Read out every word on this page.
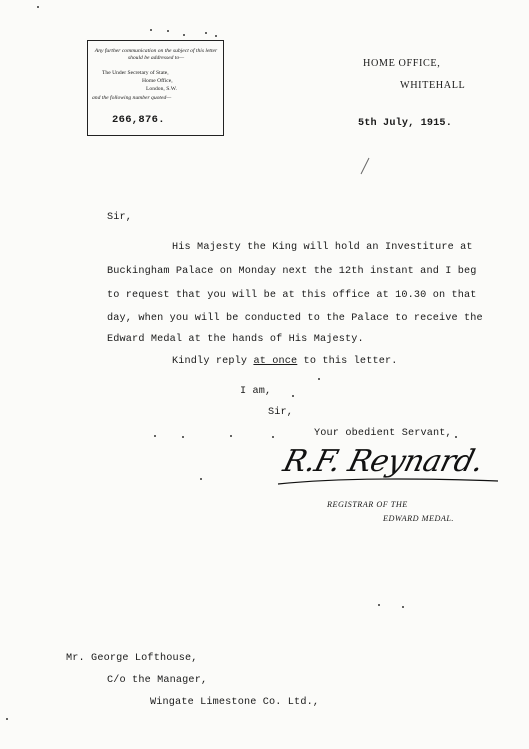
Any further communication on the subject of this letter should be addressed to—
The Under Secretary of State,
Home Office,
London, S.W.
and the following number quoted—
266,876.
HOME OFFICE,
WHITEHALL
5th July, 1915.
Sir,
His Majesty the King will hold an Investiture at
Buckingham Palace on Monday next the 12th instant and I beg
to request that you will be at this office at 10.30 on that
day, when you will be conducted to the Palace to receive the
Edward Medal at the hands of His Majesty.
Kindly reply at once to this letter.
I am,
Sir,
Your obedient Servant,
R.F. Reynard.
REGISTRAR OF THE
EDWARD MEDAL.
Mr. George Lofthouse,
C/o the Manager,
Wingate Limestone Co. Ltd.,
